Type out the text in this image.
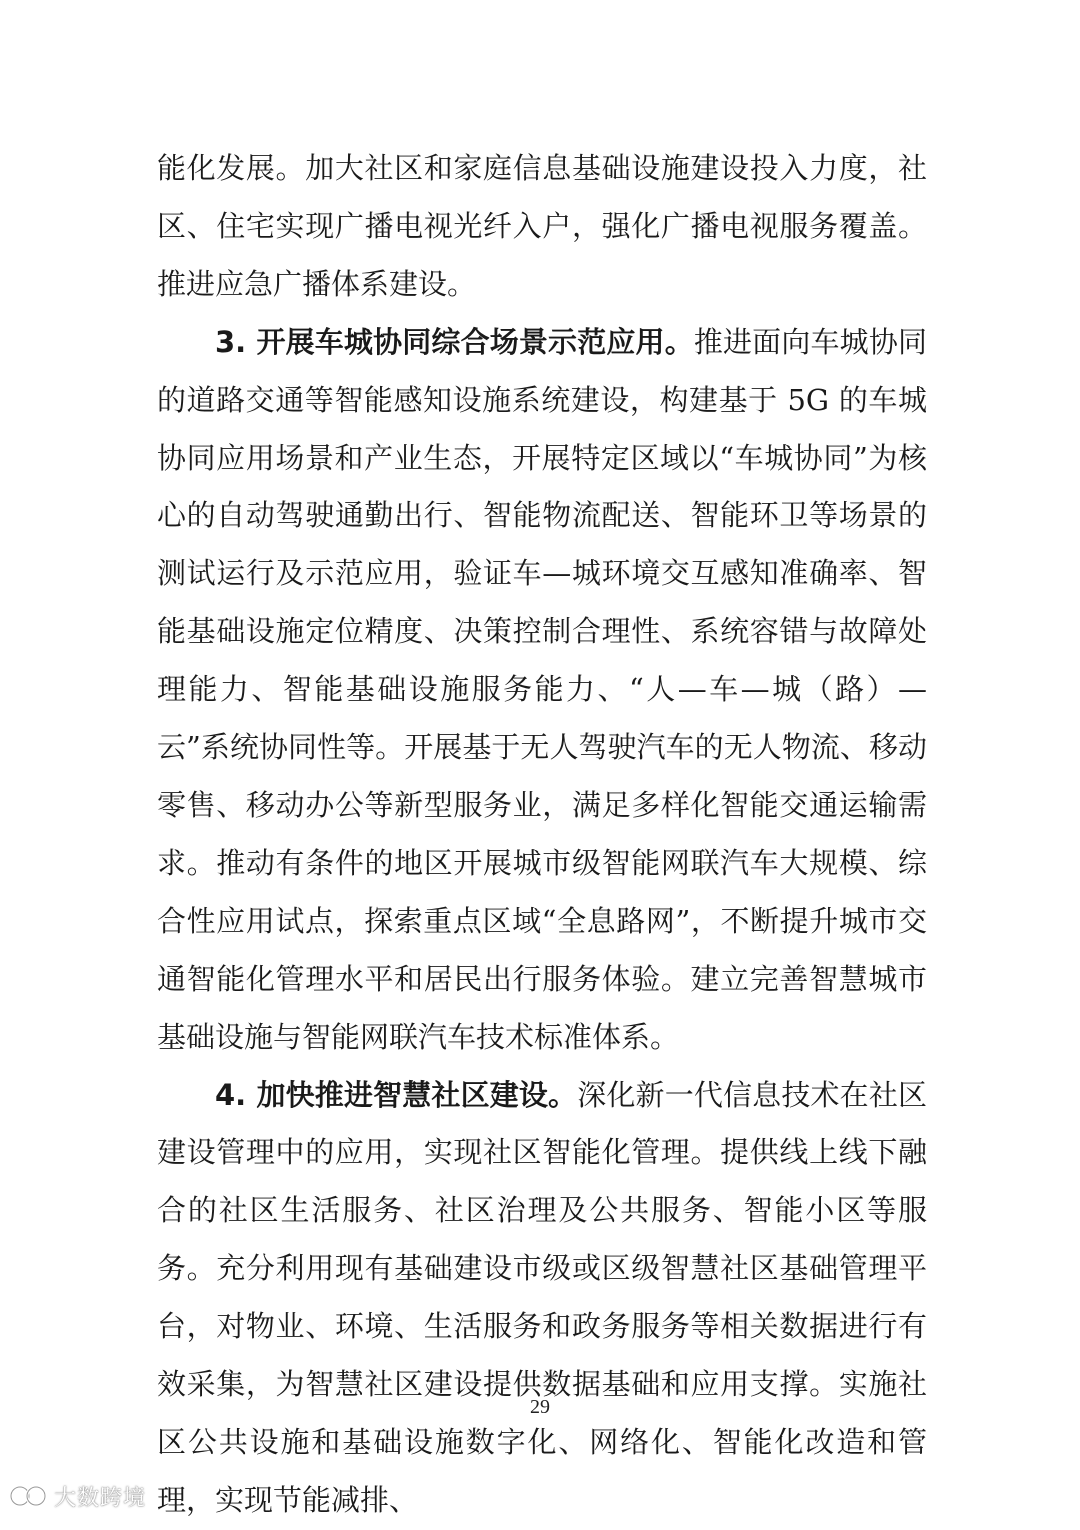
能化发展。加大社区和家庭信息基础设施建设投入力度，社区、住宅实现广播电视光纤入户，强化广播电视服务覆盖。推进应急广播体系建设。

3. 开展车城协同综合场景示范应用。推进面向车城协同的道路交通等智能感知设施系统建设，构建基于 5G 的车城协同应用场景和产业生态，开展特定区域以“车城协同”为核心的自动驾驶通勤出行、智能物流配送、智能环卫等场景的测试运行及示范应用，验证车—城环境交互感知准确率、智能基础设施定位精度、决策控制合理性、系统容错与故障处理能力、智能基础设施服务能力、“人—车—城（路）—云”系统协同性等。开展基于无人驾驶汽车的无人物流、移动零售、移动办公等新型服务业，满足多样化智能交通运输需求。推动有条件的地区开展城市级智能网联汽车大规模、综合性应用试点，探索重点区域“全息路网”，不断提升城市交通智能化管理水平和居民出行服务体验。建立完善智慧城市基础设施与智能网联汽车技术标准体系。

4. 加快推进智慧社区建设。深化新一代信息技术在社区建设管理中的应用，实现社区智能化管理。提供线上线下融合的社区生活服务、社区治理及公共服务、智能小区等服务。充分利用现有基础建设市级或区级智慧社区基础管理平台，对物业、环境、生活服务和政务服务等相关数据进行有效采集，为智慧社区建设提供数据基础和应用支撑。实施社区公共设施和基础设施数字化、网络化、智能化改造和管理，实现节能减排、

29
大数跨境
